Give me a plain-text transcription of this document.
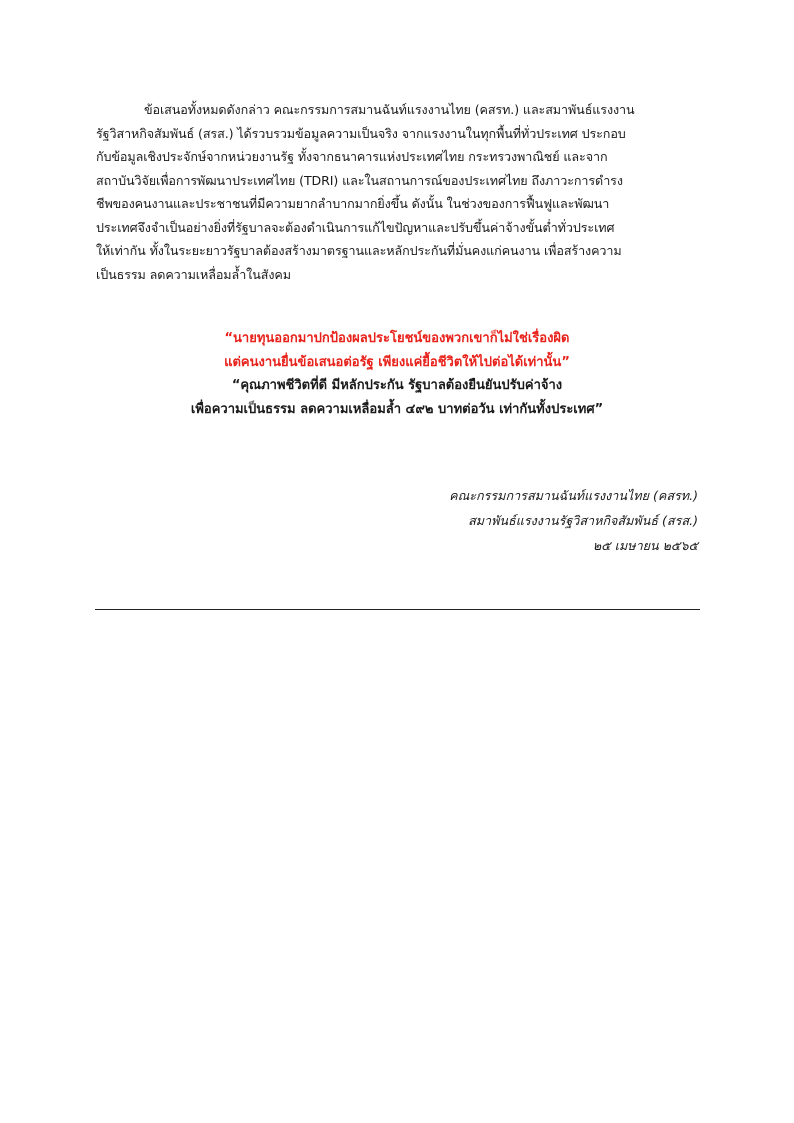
ข้อเสนอทั้งหมดดังกล่าว คณะกรรมการสมานฉันท์แรงงานไทย (คสรท.) และสมาพันธ์แรงงาน
รัฐวิสาหกิจสัมพันธ์ (สรส.) ได้รวบรวมข้อมูลความเป็นจริง จากแรงงานในทุกพื้นที่ทั่วประเทศ ประกอบ
กับข้อมูลเชิงประจักษ์จากหน่วยงานรัฐ ทั้งจากธนาคารแห่งประเทศไทย กระทรวงพาณิชย์ และจาก
สถาบันวิจัยเพื่อการพัฒนาประเทศไทย (TDRI) และในสถานการณ์ของประเทศไทย ถึงภาวะการดำรง
ชีพของคนงานและประชาชนที่มีความยากลำบากมากยิ่งขึ้น ดังนั้น ในช่วงของการฟื้นฟูและพัฒนา
ประเทศจึงจำเป็นอย่างยิ่งที่รัฐบาลจะต้องดำเนินการแก้ไขปัญหาและปรับขึ้นค่าจ้างขั้นต่ำทั่วประเทศ
ให้เท่ากัน ทั้งในระยะยาวรัฐบาลต้องสร้างมาตรฐานและหลักประกันที่มั่นคงแก่คนงาน เพื่อสร้างความ
เป็นธรรม ลดความเหลื่อมล้ำในสังคม

“นายทุนออกมาปกป้องผลประโยชน์ของพวกเขาก็ไม่ใช่เรื่องผิด
แต่คนงานยื่นข้อเสนอต่อรัฐ เพียงแค่ยื้อชีวิตให้ไปต่อได้เท่านั้น”
“คุณภาพชีวิตที่ดี มีหลักประกัน รัฐบาลต้องยืนยันปรับค่าจ้าง
เพื่อความเป็นธรรม ลดความเหลื่อมล้ำ ๔๙๒ บาทต่อวัน เท่ากันทั้งประเทศ”
คณะกรรมการสมานฉันท์แรงงานไทย (คสรท.)
สมาพันธ์แรงงานรัฐวิสาหกิจสัมพันธ์ (สรส.)
๒๕ เมษายน ๒๕๖๕
